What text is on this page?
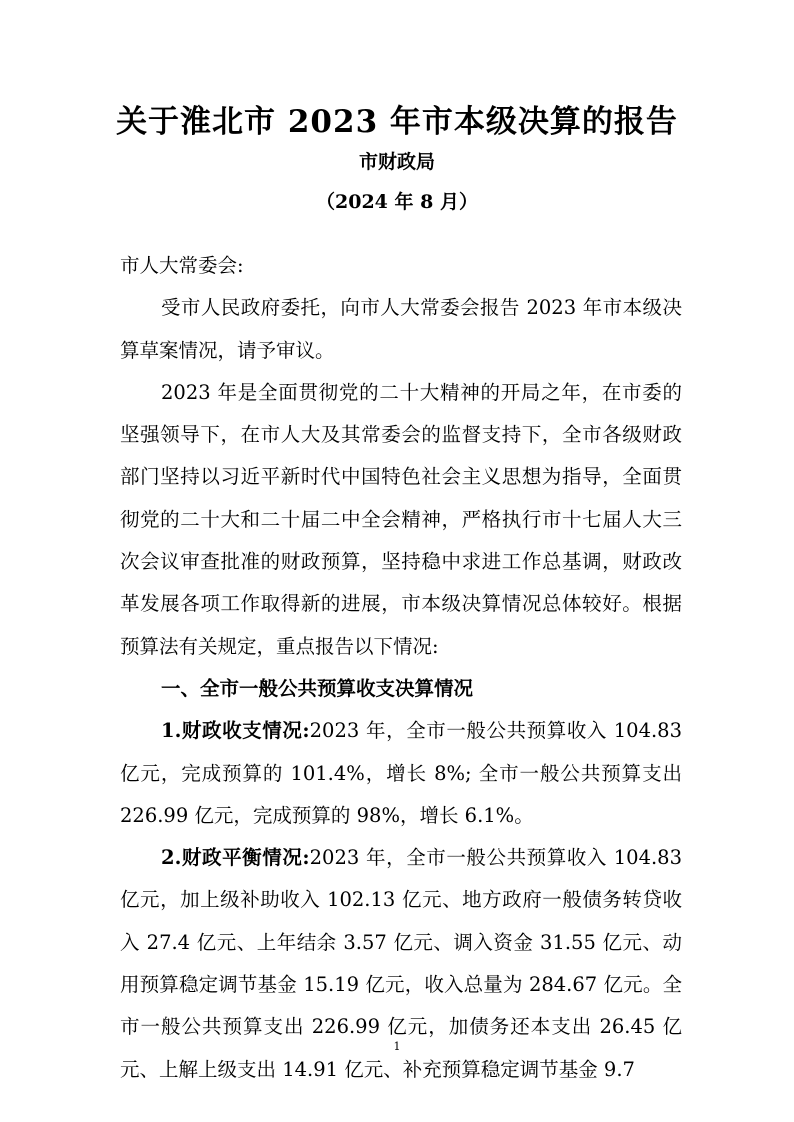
关于淮北市 2023 年市本级决算的报告
市财政局
（2024 年 8 月）

市人大常委会:

受市人民政府委托，向市人大常委会报告 2023 年市本级决算草案情况，请予审议。

2023 年是全面贯彻党的二十大精神的开局之年，在市委的坚强领导下，在市人大及其常委会的监督支持下，全市各级财政部门坚持以习近平新时代中国特色社会主义思想为指导，全面贯彻党的二十大和二十届二中全会精神，严格执行市十七届人大三次会议审查批准的财政预算，坚持稳中求进工作总基调，财政改革发展各项工作取得新的进展，市本级决算情况总体较好。根据预算法有关规定，重点报告以下情况:

一、全市一般公共预算收支决算情况

1.财政收支情况:2023 年，全市一般公共预算收入 104.83 亿元，完成预算的 101.4%，增长 8%; 全市一般公共预算支出 226.99 亿元，完成预算的 98%，增长 6.1%。

2.财政平衡情况:2023 年，全市一般公共预算收入 104.83 亿元，加上级补助收入 102.13 亿元、地方政府一般债务转贷收入 27.4 亿元、上年结余 3.57 亿元、调入资金 31.55 亿元、动用预算稳定调节基金 15.19 亿元，收入总量为 284.67 亿元。全市一般公共预算支出 226.99 亿元，加债务还本支出 26.45 亿元、上解上级支出 14.91 亿元、补充预算稳定调节基金 9.7

1
